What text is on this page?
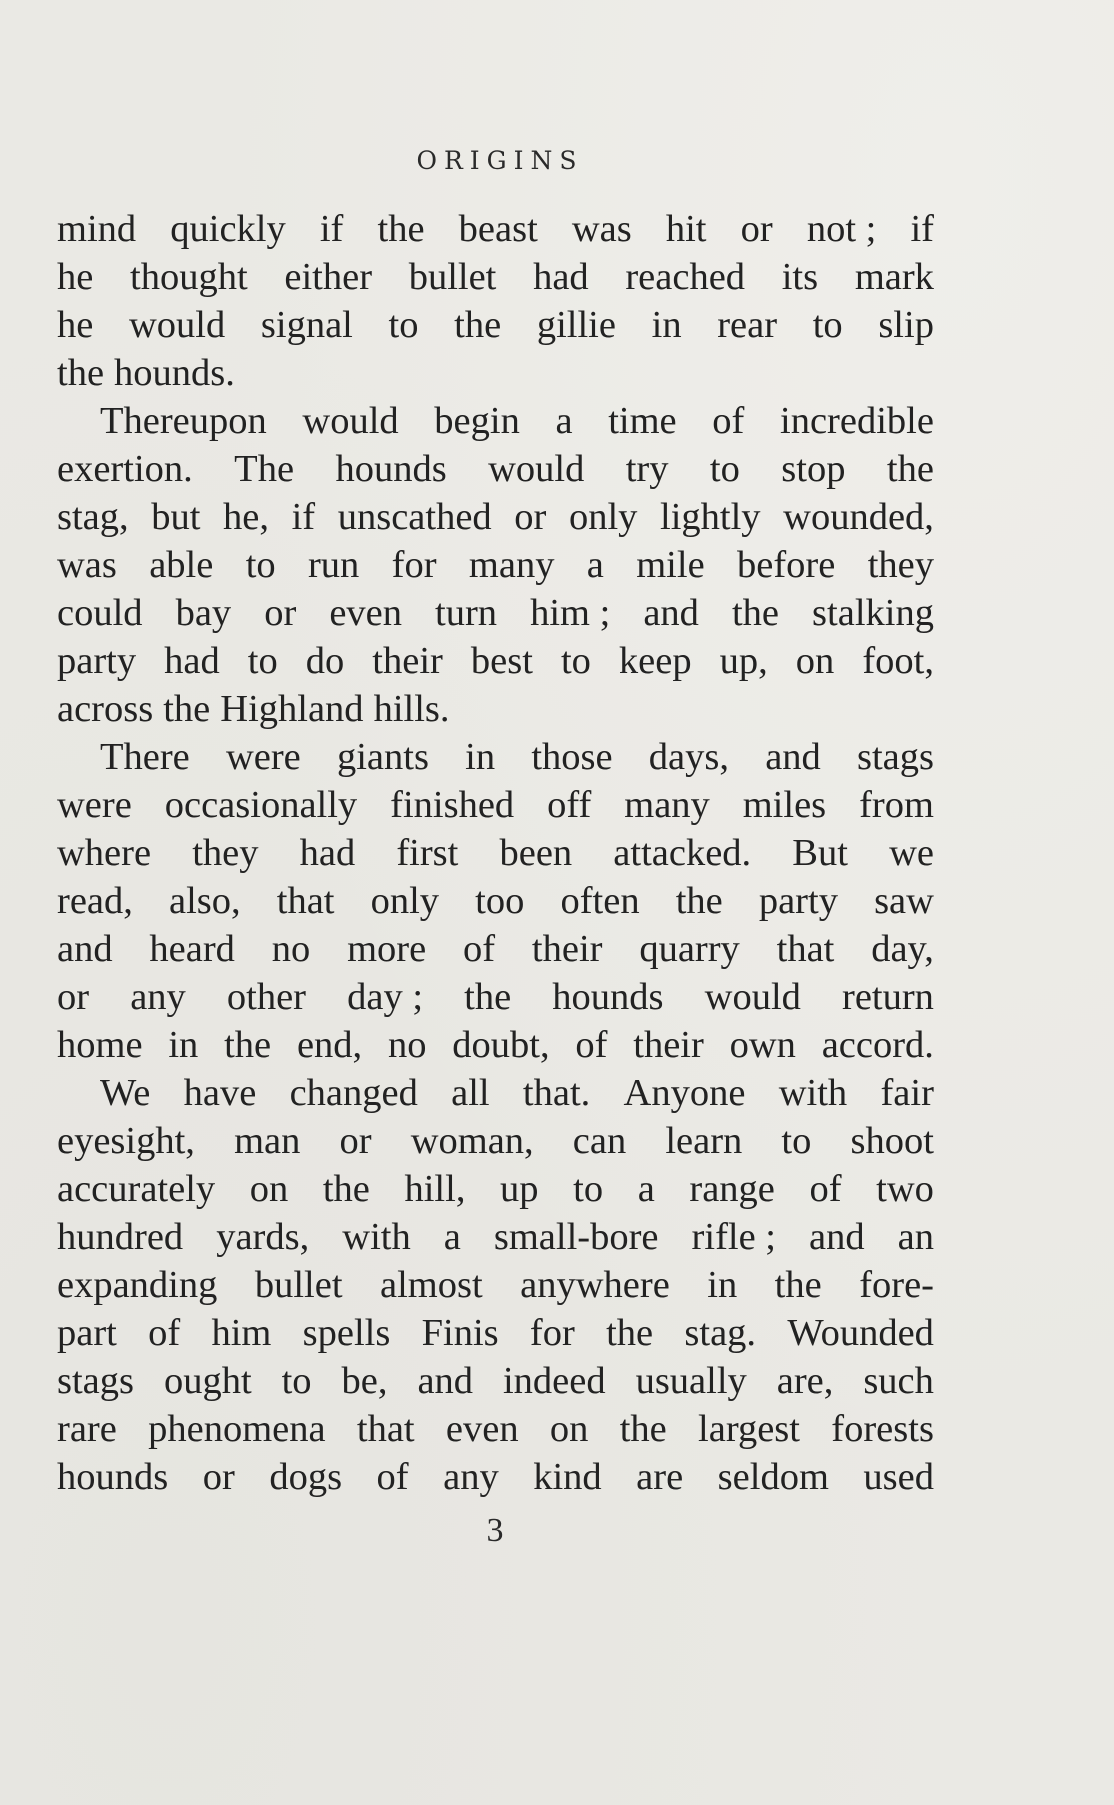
ORIGINS
mind quickly if the beast was hit or not ; if
he thought either bullet had reached its mark
he would signal to the gillie in rear to slip
the hounds.
Thereupon would begin a time of incredible
exertion. The hounds would try to stop the
stag, but he, if unscathed or only lightly wounded,
was able to run for many a mile before they
could bay or even turn him ; and the stalking
party had to do their best to keep up, on foot,
across the Highland hills.
There were giants in those days, and stags
were occasionally finished off many miles from
where they had first been attacked. But we
read, also, that only too often the party saw
and heard no more of their quarry that day,
or any other day ; the hounds would return
home in the end, no doubt, of their own accord.
We have changed all that. Anyone with fair
eyesight, man or woman, can learn to shoot
accurately on the hill, up to a range of two
hundred yards, with a small-bore rifle ; and an
expanding bullet almost anywhere in the fore-
part of him spells Finis for the stag. Wounded
stags ought to be, and indeed usually are, such
rare phenomena that even on the largest forests
hounds or dogs of any kind are seldom used
3
